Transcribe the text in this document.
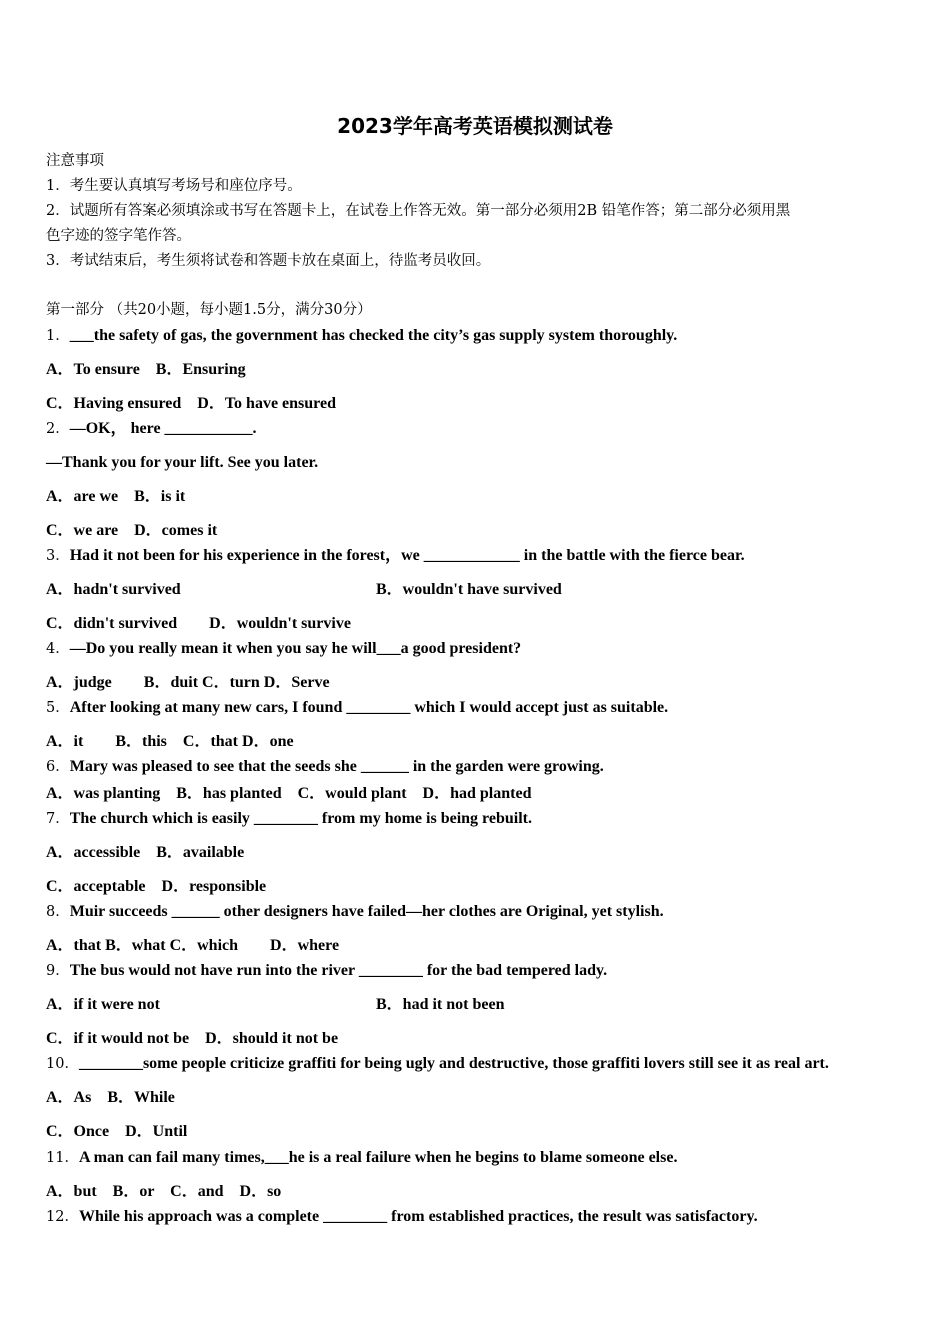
2023学年高考英语模拟测试卷
注意事项
1．考生要认真填写考场号和座位序号。
2．试题所有答案必须填涂或书写在答题卡上，在试卷上作答无效。第一部分必须用2B 铅笔作答；第二部分必须用黑
色字迹的签字笔作答。
3．考试结束后，考生须将试卷和答题卡放在桌面上，待监考员收回。
第一部分 （共20小题，每小题1.5分，满分30分）
1．___the safety of gas, the government has checked the city’s gas supply system thoroughly.
A．To ensure　B．Ensuring
C．Having ensured　D．To have ensured
2．—OK， here ___________.
—Thank you for your lift. See you later.
A．are we　B．is it
C．we are　D．comes it
3．Had it not been for his experience in the forest，we ____________ in the battle with the fierce bear.
A．hadn't survived	B．wouldn't have survived
C．didn't survived　　D．wouldn't survive
4．—Do you really mean it when you say he will___a good president?
A．judge　　B．duit C．turn D．Serve
5．After looking at many new cars, I found ________ which I would accept just as suitable.
A．it　　B．this　C．that D．one
6．Mary was pleased to see that the seeds she ______ in the garden were growing.
A．was planting　B．has planted　C．would plant　D．had planted
7．The church which is easily ________ from my home is being rebuilt.
A．accessible　B．available
C．acceptable　D．responsible
8．Muir succeeds ______ other designers have failed—her clothes are Original, yet stylish.
A．that B．what C．which　　D．where
9．The bus would not have run into the river ________ for the bad tempered lady.
A．if it were not	B．had it not been
C．if it would not be　D．should it not be
10．________some people criticize graffiti for being ugly and destructive, those graffiti lovers still see it as real art.
A．As　B．While
C．Once　D．Until
11．A man can fail many times,___he is a real failure when he begins to blame someone else.
A．but　B．or　C．and　D．so
12．While his approach was a complete ________ from established practices, the result was satisfactory.
